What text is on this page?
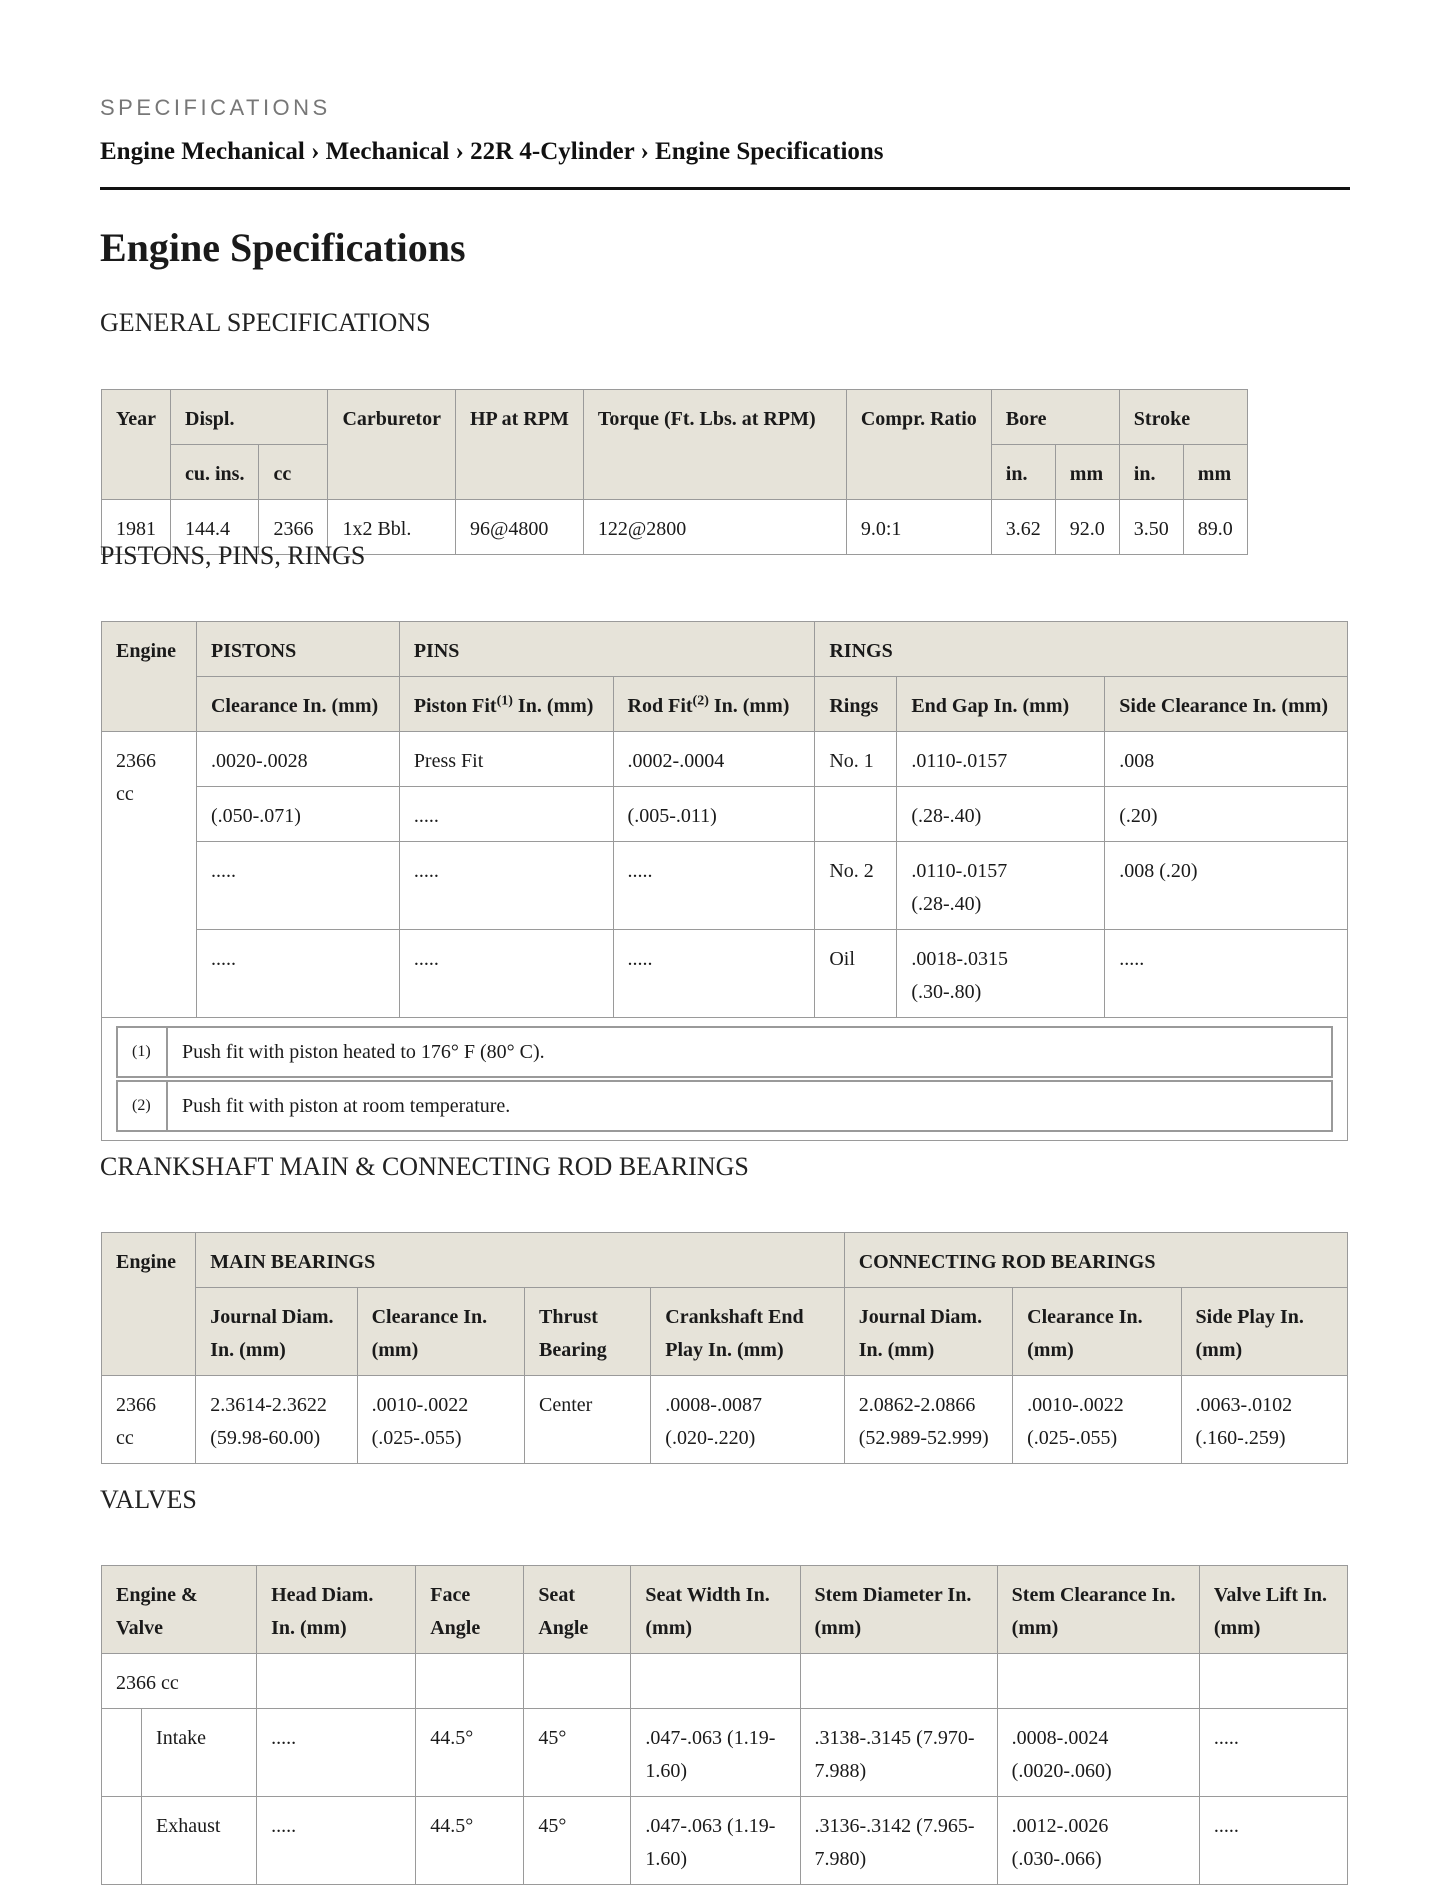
SPECIFICATIONS
Engine Mechanical › Mechanical › 22R 4-Cylinder › Engine Specifications
Engine Specifications
GENERAL SPECIFICATIONS
Year	Displ.		Carburetor	HP at RPM	Torque (Ft. Lbs. at RPM)	Compr. Ratio	Bore		Stroke	
	cu. ins.	cc					in.	mm	in.	mm
1981	144.4	2366	1x2 Bbl.	96@4800	122@2800	9.0:1	3.62	92.0	3.50	89.0
PISTONS, PINS, RINGS
Engine	PISTONS	PINS	RINGS
Clearance In. (mm)	Piston Fit$^{(1)}$ In. (mm)	Rod Fit$^{(2)}$ In. (mm)	Rings	End Gap In. (mm)	Side Clearance In. (mm)
2366 cc	.0020-.0028	Press Fit	.0002-.0004	No. 1	.0110-.0157	.008
(.050-.071)	.....	(.005-.011)		(.28-.40)	(.20)
.....	.....	.....	No. 2	.0110-.0157 (.28-.40)	.008 (.20)
.....	.....	.....	Oil	.0018-.0315 (.30-.80)	.....

(1)	Push fit with piston heated to 176° F (80° C).

(2)	Push fit with piston at room temperature.
CRANKSHAFT MAIN & CONNECTING ROD BEARINGS
Engine	MAIN BEARINGS				CONNECTING ROD BEARINGS		
	Journal Diam. In. (mm)	Clearance In. (mm)	Thrust Bearing	Crankshaft End Play In. (mm)	Journal Diam. In. (mm)	Clearance In. (mm)	Side Play In. (mm)
2366 cc	2.3614-2.3622 (59.98-60.00)	.0010-.0022 (.025-.055)	Center	.0008-.0087 (.020-.220)	2.0862-2.0866 (52.989-52.999)	.0010-.0022 (.025-.055)	.0063-.0102 (.160-.259)
VALVES
Engine & Valve		Head Diam. In. (mm)	Face Angle	Seat Angle	Seat Width In. (mm)	Stem Diameter In. (mm)	Stem Clearance In. (mm)	Valve Lift In. (mm)
2366 cc								
	Intake	.....	44.5°	45°	.047-.063 (1.19-1.60)	.3138-.3145 (7.970-7.988)	.0008-.0024 (.0020-.060)	.....
	Exhaust	.....	44.5°	45°	.047-.063 (1.19-1.60)	.3136-.3142 (7.965-7.980)	.0012-.0026 (.030-.066)	.....
